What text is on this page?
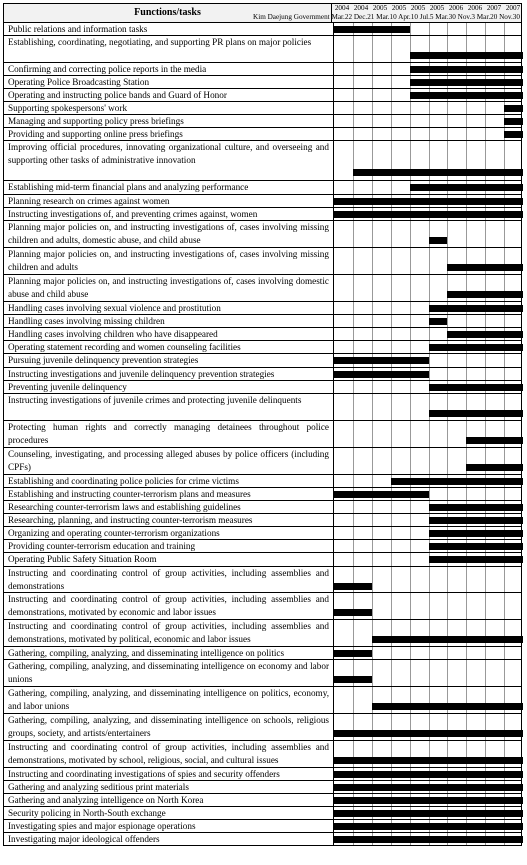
Functions/tasks	2004 2004 2005 2005 2005 2005 2006 2006 2007 2007
Kim Daejung Government Mar.22 Dec.21 Mar.10 Apr.10 Jul.5 Mar.30 Nov.3 Mar.20 Nov.30
Public relations and information tasks
Establishing, coordinating, negotiating, and supporting PR plans on major policies
Confirming and correcting police reports in the media
Operating Police Broadcasting Station
Operating and instructing police bands and Guard of Honor
Supporting spokespersons' work
Managing and supporting policy press briefings
Providing and supporting online press briefings
Improving official procedures, innovating organizational culture, and overseeing and supporting other tasks of administrative innovation
Establishing mid-term financial plans and analyzing performance
Planning research on crimes against women
Instructing investigations of, and preventing crimes against, women
Planning major policies on, and instructing investigations of, cases involving missing children and adults, domestic abuse, and child abuse
Planning major policies on, and instructing investigations of, cases involving missing children and adults
Planning major policies on, and instructing investigations of, cases involving domestic abuse and child abuse
Handling cases involving sexual violence and prostitution
Handling cases involving missing children
Handling cases involving children who have disappeared
Operating statement recording and women counseling facilities
Pursuing juvenile delinquency prevention strategies
Instructing investigations and juvenile delinquency prevention strategies
Preventing juvenile delinquency
Instructing investigations of juvenile crimes and protecting juvenile delinquents
Protecting human rights and correctly managing detainees throughout police procedures
Counseling, investigating, and processing alleged abuses by police officers (including CPFs)
Establishing and coordinating police policies for crime victims
Establishing and instructing counter-terrorism plans and measures
Researching counter-terrorism laws and establishing guidelines
Researching, planning, and instructing counter-terrorism measures
Organizing and operating counter-terrorism organizations
Providing counter-terrorism education and training
Operating Public Safety Situation Room
Instructing and coordinating control of group activities, including assemblies and demonstrations
Instructing and coordinating control of group activities, including assemblies and demonstrations, motivated by economic and labor issues
Instructing and coordinating control of group activities, including assemblies and demonstrations, motivated by political, economic and labor issues
Gathering, compiling, analyzing, and disseminating intelligence on politics
Gathering, compiling, analyzing, and disseminating intelligence on economy and labor unions
Gathering, compiling, analyzing, and disseminating intelligence on politics, economy, and labor unions
Gathering, compiling, analyzing, and disseminating intelligence on schools, religious groups, society, and artists/entertainers
Instructing and coordinating control of group activities, including assemblies and demonstrations, motivated by school, religious, social, and cultural issues
Instructing and coordinating investigations of spies and security offenders
Gathering and analyzing seditious print materials
Gathering and analyzing intelligence on North Korea
Security policing in North-South exchange
Investigating spies and major espionage operations
Investigating major ideological offenders
